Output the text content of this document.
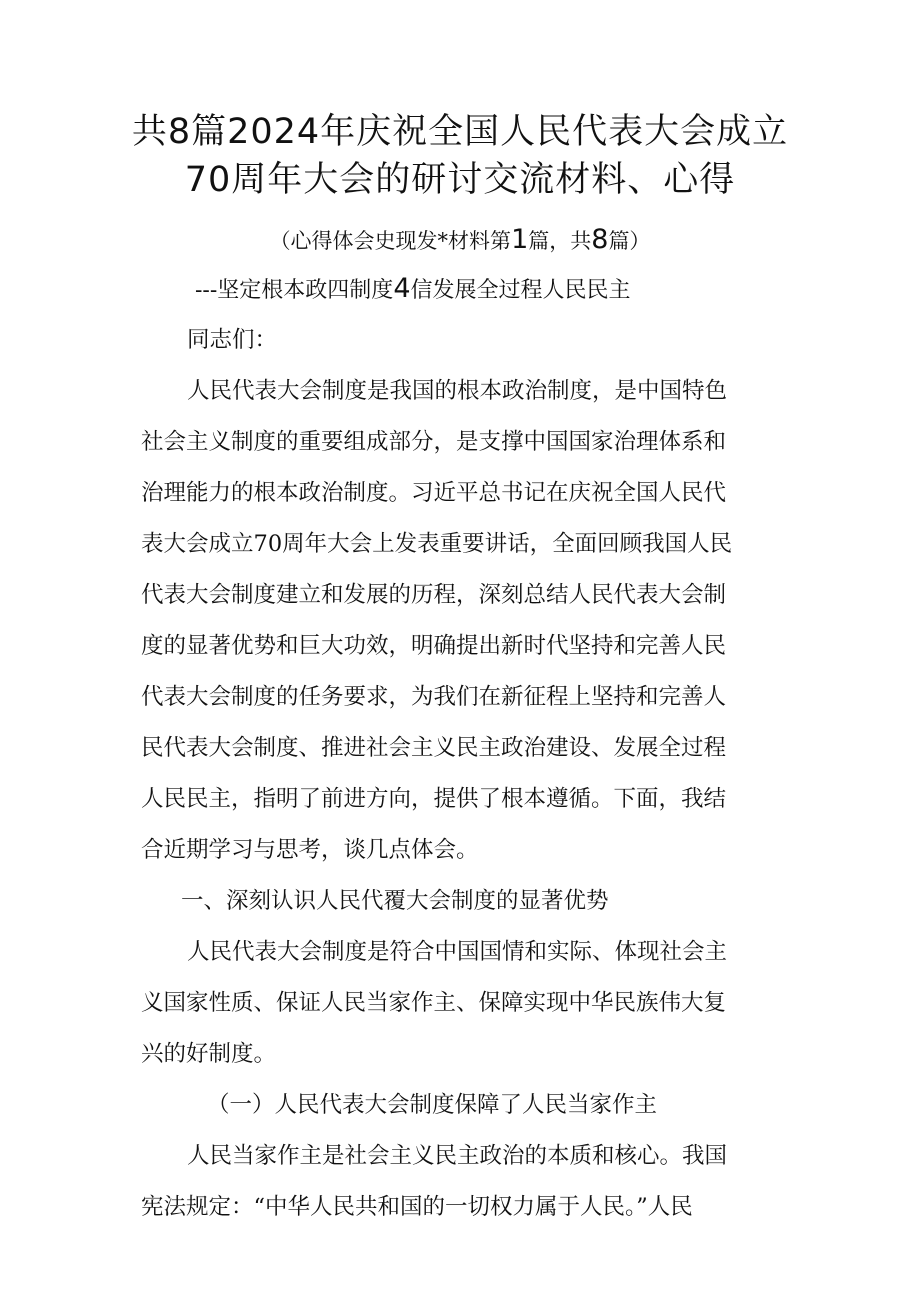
共8篇2024年庆祝全国人民代表大会成立
70周年大会的研讨交流材料、心得
（心得体会史现发*材料第1篇，共8篇）
---坚定根本政四制度4信发展全过程人民民主
同志们：
人民代表大会制度是我国的根本政治制度，是中国特色
社会主义制度的重要组成部分，是支撑中国国家治理体系和
治理能力的根本政治制度。习近平总书记在庆祝全国人民代
表大会成立70周年大会上发表重要讲话，全面回顾我国人民
代表大会制度建立和发展的历程，深刻总结人民代表大会制
度的显著优势和巨大功效，明确提出新时代坚持和完善人民
代表大会制度的任务要求，为我们在新征程上坚持和完善人
民代表大会制度、推进社会主义民主政治建设、发展全过程
人民民主，指明了前进方向，提供了根本遵循。下面，我结
合近期学习与思考，谈几点体会。
一、深刻认识人民代覆大会制度的显著优势
人民代表大会制度是符合中国国情和实际、体现社会主
义国家性质、保证人民当家作主、保障实现中华民族伟大复
兴的好制度。
（一）人民代表大会制度保障了人民当家作主
人民当家作主是社会主义民主政治的本质和核心。我国
宪法规定：“中华人民共和国的一切权力属于人民。”人民
